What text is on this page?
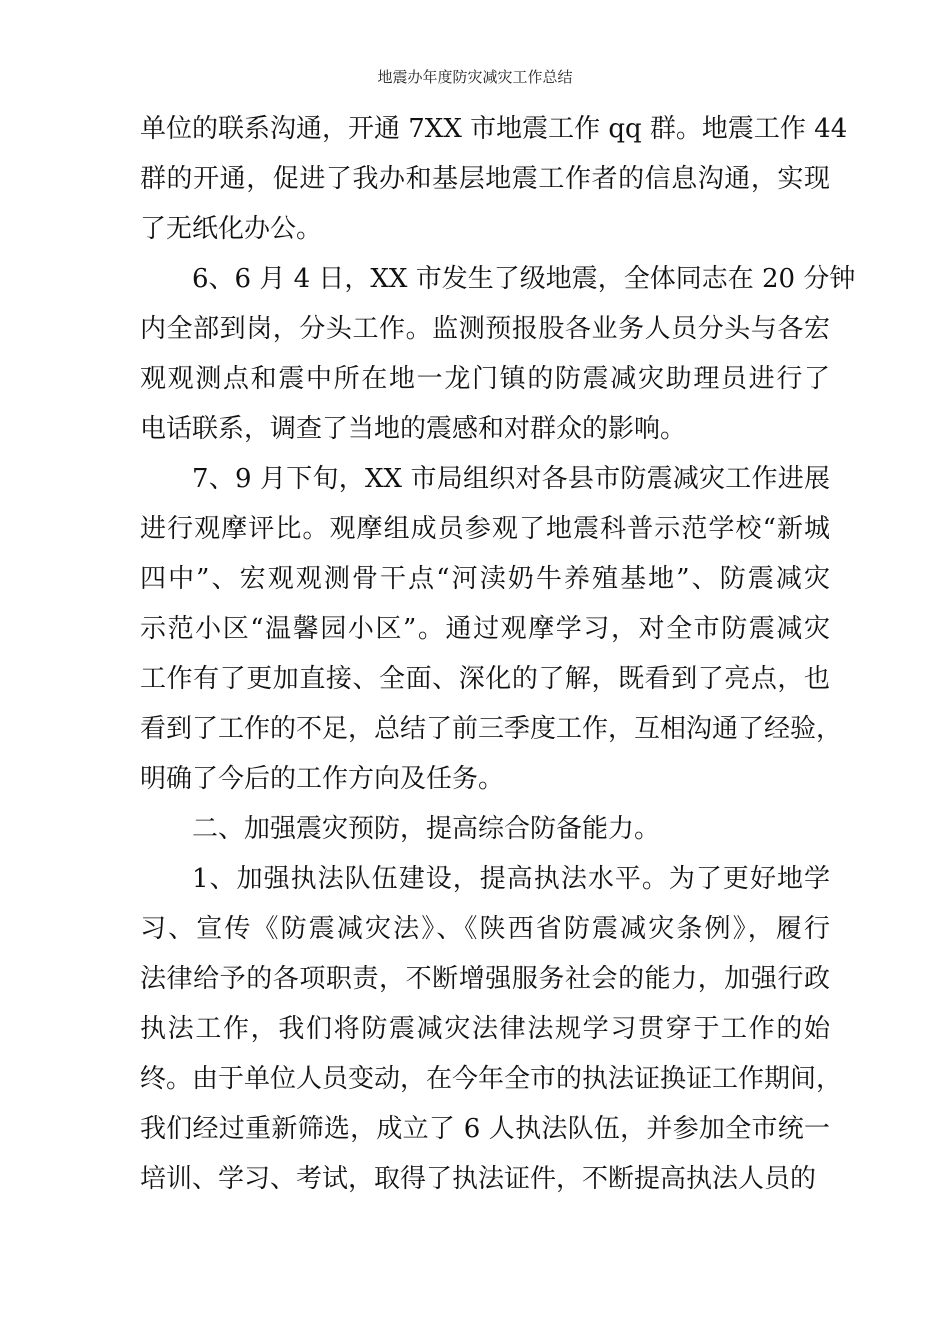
地震办年度防灾减灾工作总结
单位的联系沟通，开通 7XX 市地震工作 qq 群。地震工作 44
群的开通，促进了我办和基层地震工作者的信息沟通，实现
了无纸化办公。
6、6 月 4 日，XX 市发生了级地震，全体同志在 20 分钟
内全部到岗，分头工作。监测预报股各业务人员分头与各宏
观观测点和震中所在地一龙门镇的防震减灾助理员进行了
电话联系，调查了当地的震感和对群众的影响。
7、9 月下旬，XX 市局组织对各县市防震减灾工作进展
进行观摩评比。观摩组成员参观了地震科普示范学校“新城
四中”、宏观观测骨干点“河渎奶牛养殖基地”、防震减灾
示范小区“温馨园小区”。通过观摩学习，对全市防震减灾
工作有了更加直接、全面、深化的了解，既看到了亮点，也
看到了工作的不足，总结了前三季度工作，互相沟通了经验，
明确了今后的工作方向及任务。
二、加强震灾预防，提高综合防备能力。
1、加强执法队伍建设，提高执法水平。为了更好地学
习、宣传《防震减灾法》、《陕西省防震减灾条例》，履行
法律给予的各项职责，不断增强服务社会的能力，加强行政
执法工作，我们将防震减灾法律法规学习贯穿于工作的始
终。由于单位人员变动，在今年全市的执法证换证工作期间，
我们经过重新筛选，成立了 6 人执法队伍，并参加全市统一
培训、学习、考试，取得了执法证件，不断提高执法人员的
